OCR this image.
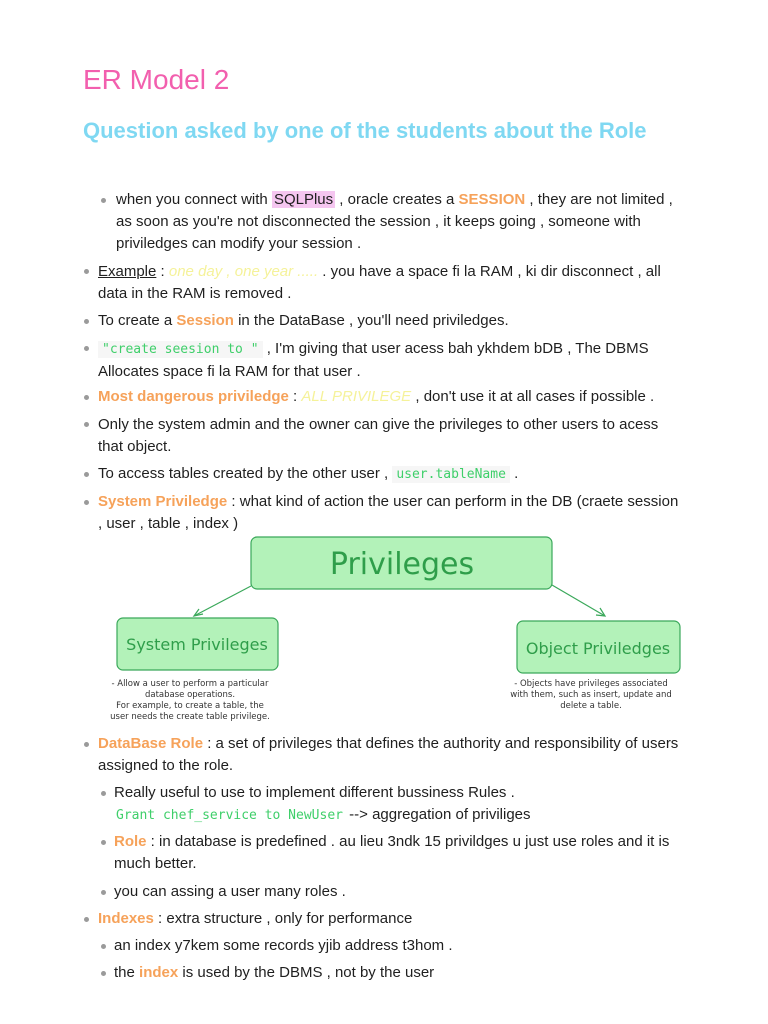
ER Model 2
Question asked by one of the students about the Role
when you connect with SQLPlus , oracle creates a SESSION , they are not limited , as soon as you're not disconnected the session , it keeps going , someone with priviledges can modify your session .
Example : one day , one year ..... . you have a space fi la RAM , ki dir disconnect , all data in the RAM is removed .
To create a Session in the DataBase , you'll need priviledges.
"create seesion to " , I'm giving that user acess bah ykhdem bDB , The DBMS Allocates space fi la RAM for that user .
Most dangerous priviledge : ALL PRIVILEGE , don't use it at all cases if possible .
Only the system admin and the owner can give the privileges to other users to acess that object.
To access tables created by the other user , user.tableName .
System Priviledge : what kind of action the user can perform in the DB (craete session , user , table , index )
Privileges
System Privileges	Object Priviledges
- Allow a user to perform a particular
database operations.
For example, to create a table, the
user needs the create table privilege.
- Objects have privileges associated
with them, such as insert, update and
delete a table.
DataBase Role : a set of privileges that defines the authority and responsibility of users assigned to the role.
Really useful to use to implement different bussiness Rules .
Grant chef_service to NewUser --> aggregation of priviliges
Role : in database is predefined . au lieu 3ndk 15 privildges u just use roles and it is much better.
you can assing a user many roles .
Indexes : extra structure , only for performance
an index y7kem some records yjib address t3hom .
the index is used by the DBMS , not by the user
